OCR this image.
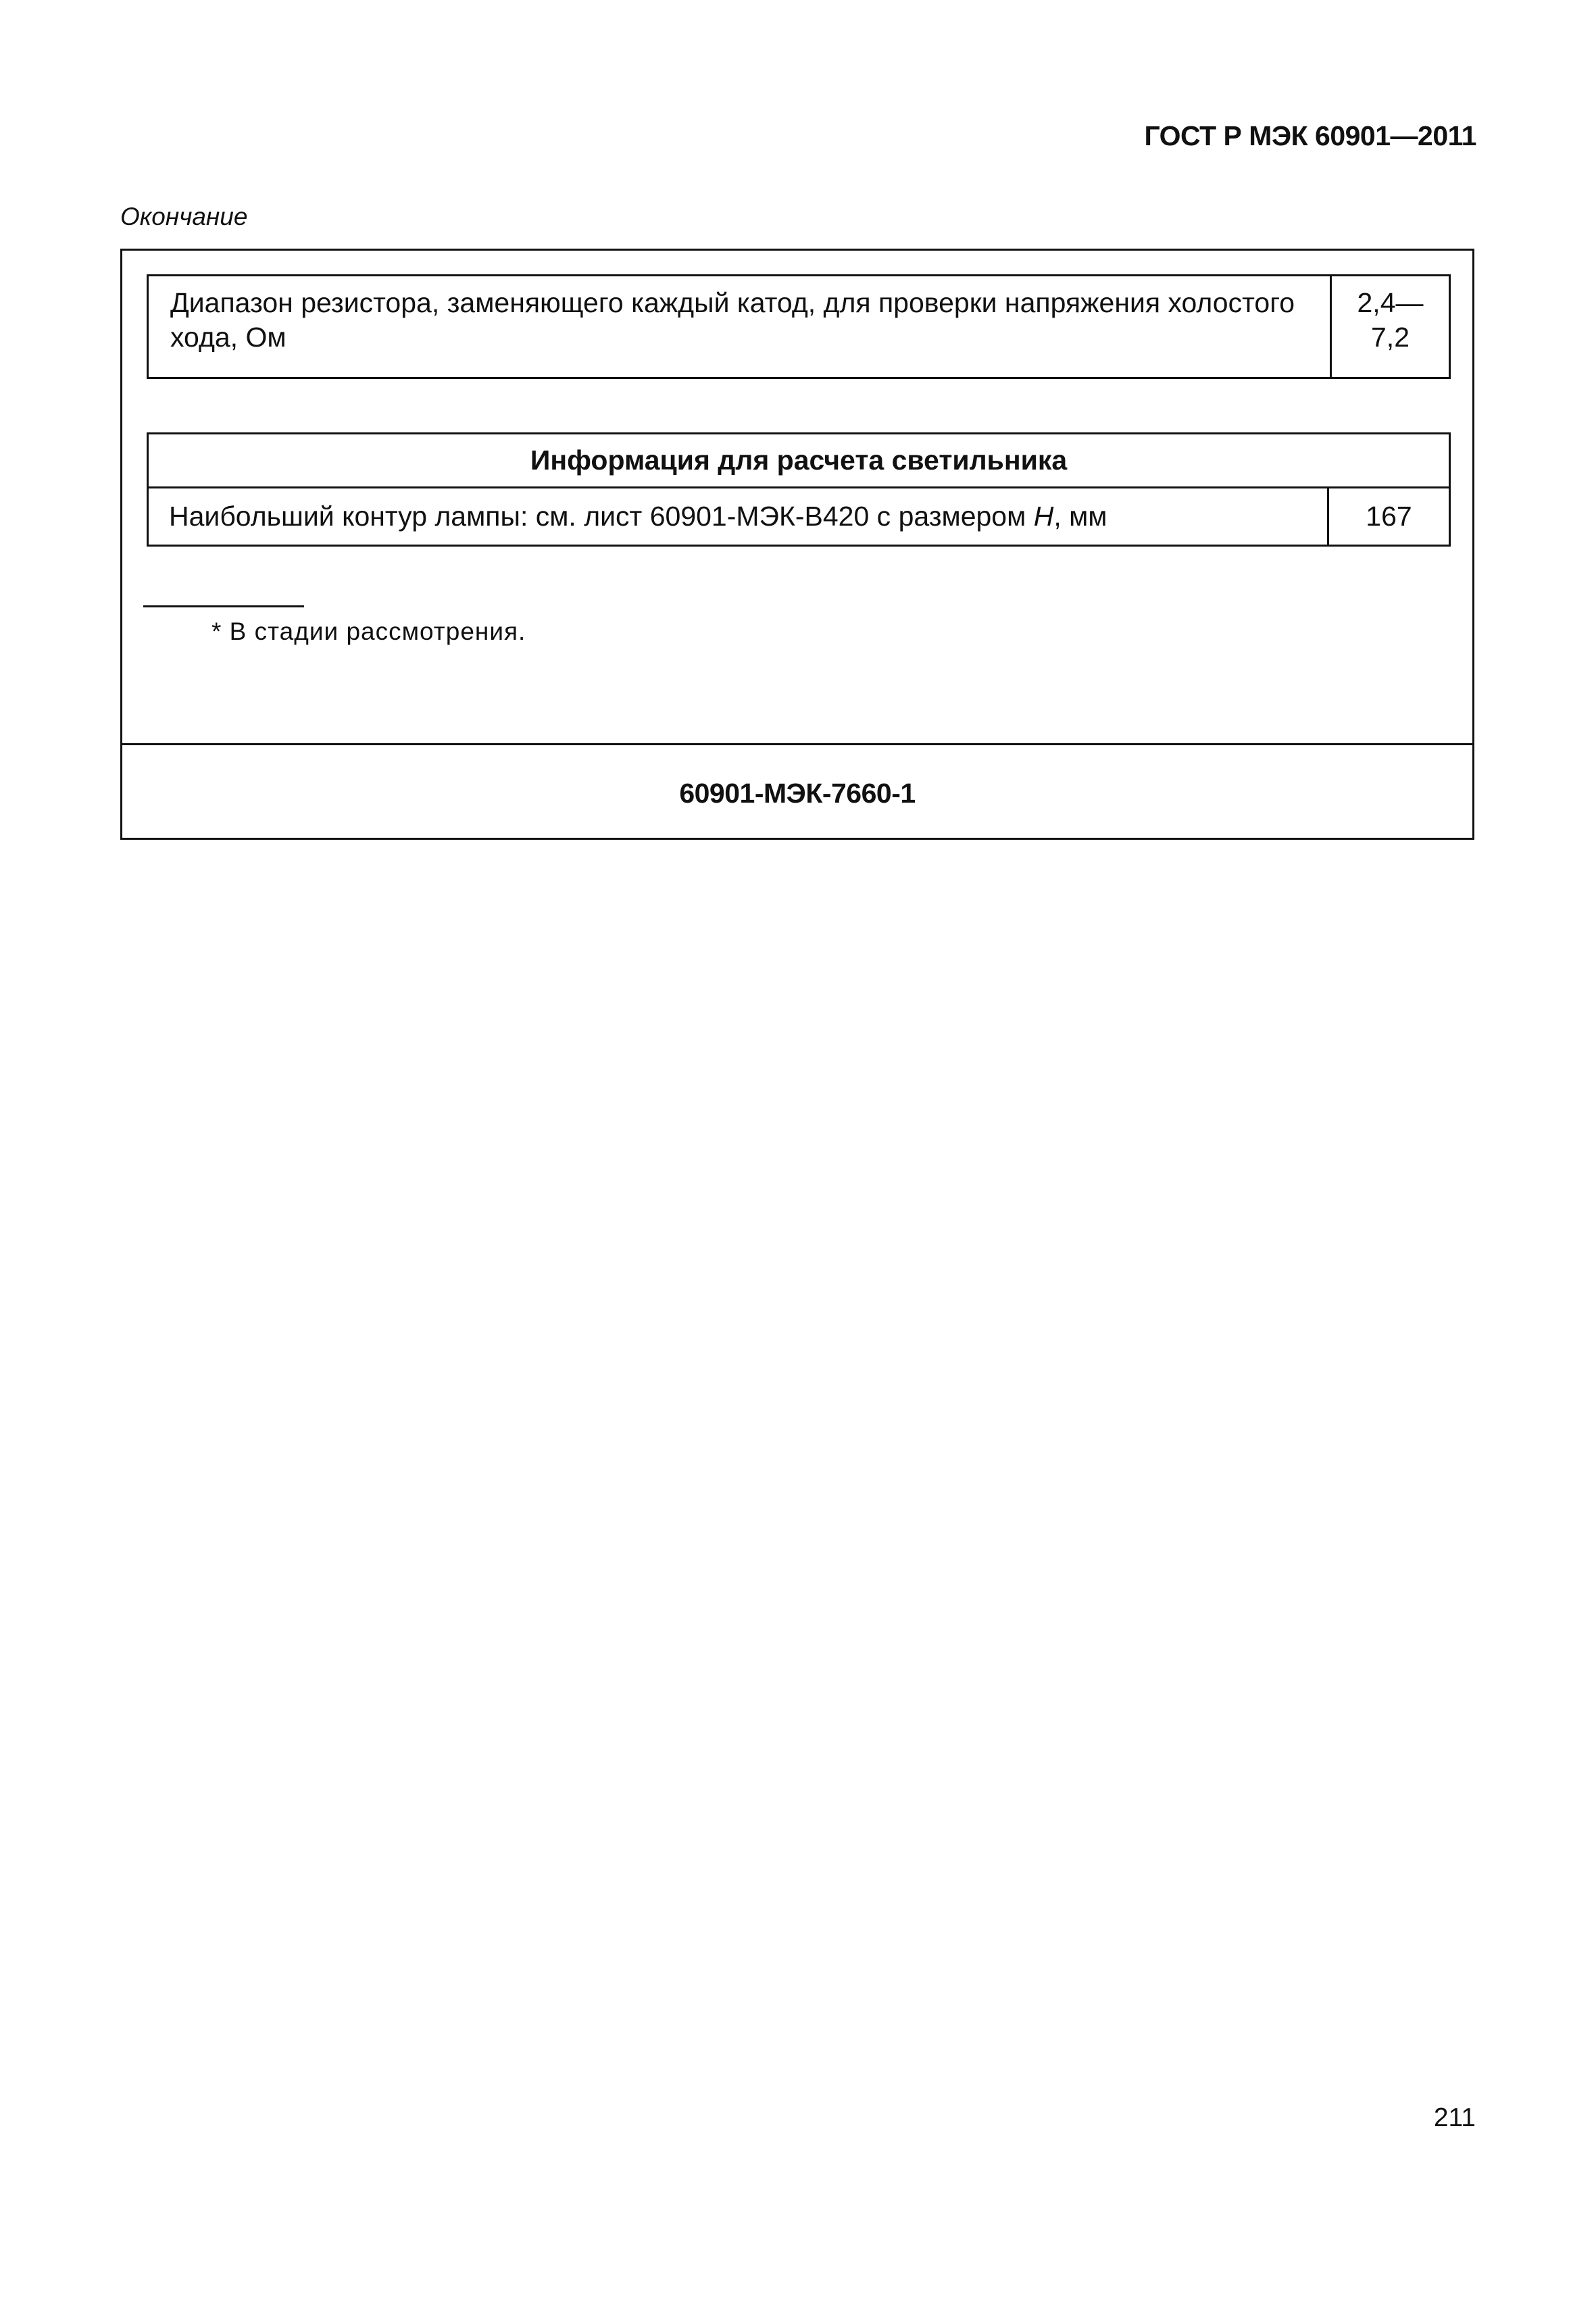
ГОСТ Р МЭК 60901—2011
Окончание
Диапазон резистора, заменяющего каждый катод, для проверки напряжения холостого
хода, Ом	2,4—
7,2
Информация для расчета светильника
Наибольший контур лампы: см. лист 60901-МЭК-В420 с размером H, мм	167
* В стадии рассмотрения.
60901-МЭК-7660-1
211
